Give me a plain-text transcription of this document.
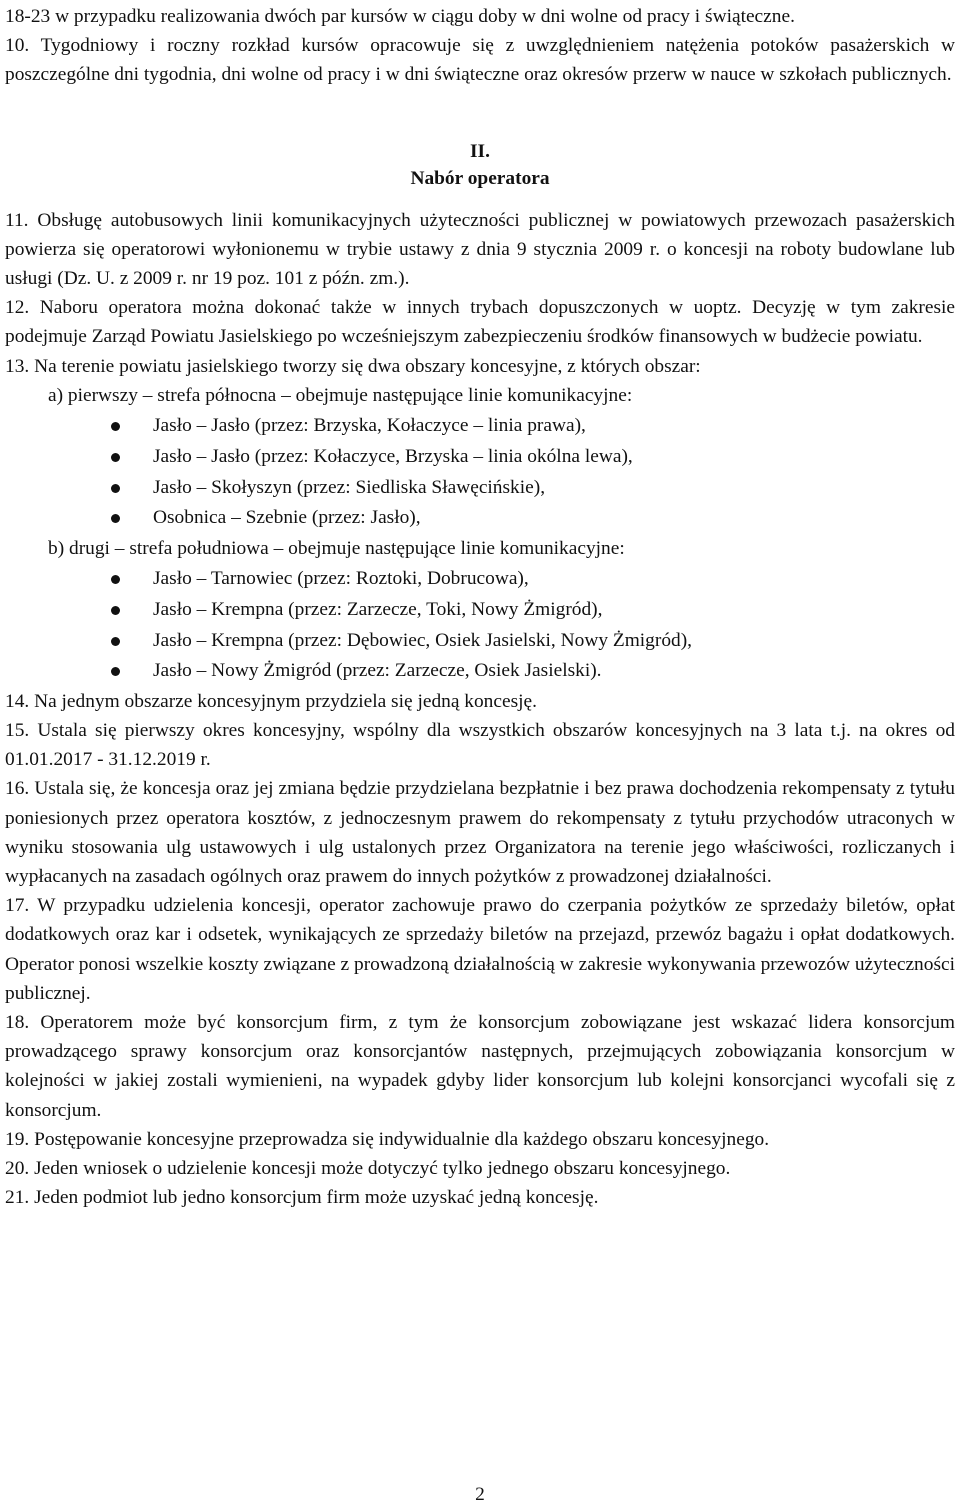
18-23 w przypadku realizowania dwóch par kursów w ciągu doby w dni wolne od pracy i świąteczne.

10. Tygodniowy i roczny rozkład kursów opracowuje się z uwzględnieniem natężenia potoków pasażerskich w poszczególne dni tygodnia, dni wolne od pracy i w dni świąteczne oraz okresów przerw w nauce w szkołach publicznych.

II.
Nabór operatora

11. Obsługę autobusowych linii komunikacyjnych użyteczności publicznej w powiatowych przewozach pasażerskich powierza się operatorowi wyłonionemu w trybie ustawy z dnia 9 stycznia 2009 r. o koncesji na roboty budowlane lub usługi (Dz. U. z 2009 r. nr 19 poz. 101 z późn. zm.).

12. Naboru operatora można dokonać także w innych trybach dopuszczonych w uoptz. Decyzję w tym zakresie podejmuje Zarząd Powiatu Jasielskiego po wcześniejszym zabezpieczeniu środków finansowych w budżecie powiatu.

13. Na terenie powiatu jasielskiego tworzy się dwa obszary koncesyjne, z których obszar:

a) pierwszy – strefa północna – obejmuje następujące linie komunikacyjne:

Jasło – Jasło (przez: Brzyska, Kołaczyce – linia prawa),
Jasło – Jasło (przez: Kołaczyce, Brzyska – linia okólna lewa),
Jasło – Skołyszyn (przez: Siedliska Sławęcińskie),
Osobnica – Szebnie (przez: Jasło),

b) drugi – strefa południowa – obejmuje następujące linie komunikacyjne:

Jasło – Tarnowiec (przez: Roztoki, Dobrucowa),
Jasło – Krempna (przez: Zarzecze, Toki, Nowy Żmigród),
Jasło – Krempna (przez: Dębowiec, Osiek Jasielski, Nowy Żmigród),
Jasło – Nowy Żmigród (przez: Zarzecze, Osiek Jasielski).

14. Na jednym obszarze koncesyjnym przydziela się jedną koncesję.

15. Ustala się pierwszy okres koncesyjny, wspólny dla wszystkich obszarów koncesyjnych na 3 lata t.j. na okres od 01.01.2017 - 31.12.2019 r.

16. Ustala się, że koncesja oraz jej zmiana będzie przydzielana bezpłatnie i bez prawa dochodzenia rekompensaty z tytułu poniesionych przez operatora kosztów, z jednoczesnym prawem do rekompensaty z tytułu przychodów utraconych w wyniku stosowania ulg ustawowych i ulg ustalonych przez Organizatora na terenie jego właściwości, rozliczanych i wypłacanych na zasadach ogólnych oraz prawem do innych pożytków z prowadzonej działalności.

17. W przypadku udzielenia koncesji, operator zachowuje prawo do czerpania pożytków ze sprzedaży biletów, opłat dodatkowych oraz kar i odsetek, wynikających ze sprzedaży biletów na przejazd, przewóz bagażu i opłat dodatkowych. Operator ponosi wszelkie koszty związane z prowadzoną działalnością w zakresie wykonywania przewozów użyteczności publicznej.

18. Operatorem może być konsorcjum firm, z tym że konsorcjum zobowiązane jest wskazać lidera konsorcjum prowadzącego sprawy konsorcjum oraz konsorcjantów następnych, przejmujących zobowiązania konsorcjum w kolejności w jakiej zostali wymienieni, na wypadek gdyby lider konsorcjum lub kolejni konsorcjanci wycofali się z konsorcjum.

19. Postępowanie koncesyjne przeprowadza się indywidualnie dla każdego obszaru koncesyjnego.

20. Jeden wniosek o udzielenie koncesji może dotyczyć tylko jednego obszaru koncesyjnego.

21. Jeden podmiot lub jedno konsorcjum firm może uzyskać jedną koncesję.

2
